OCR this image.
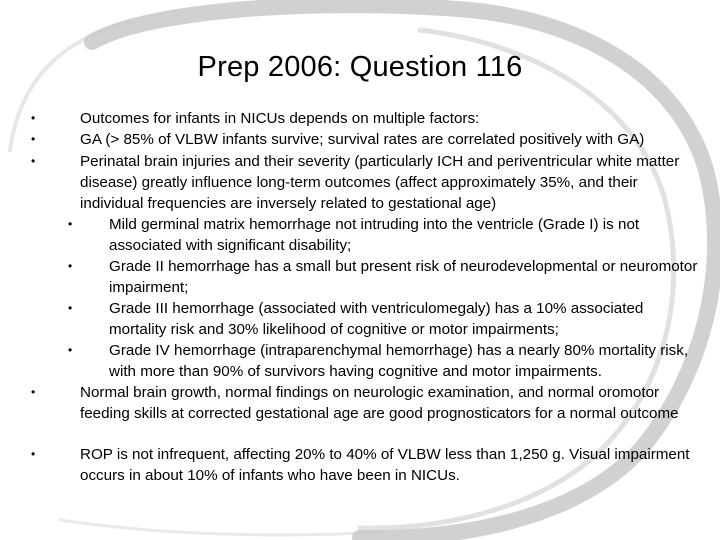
Prep 2006: Question 116
•	Outcomes for infants in NICUs depends on multiple factors:
•	GA (> 85% of VLBW infants survive; survival rates are correlated positively with GA)
•	Perinatal brain injuries and their severity (particularly ICH and periventricular white matter disease) greatly influence long-term outcomes (affect approximately 35%, and their individual frequencies are inversely related to gestational age)
• Mild germinal matrix hemorrhage not intruding into the ventricle (Grade I) is not associated with significant disability;
• Grade II hemorrhage has a small but present risk of neurodevelopmental or neuromotor impairment;
• Grade III hemorrhage (associated with ventriculomegaly) has a 10% associated mortality risk and 30% likelihood of cognitive or motor impairments;
• Grade IV hemorrhage (intraparenchymal hemorrhage) has a nearly 80% mortality risk, with more than 90% of survivors having cognitive and motor impairments.
•	Normal brain growth, normal findings on neurologic examination, and normal oromotor feeding skills at corrected gestational age are good prognosticators for a normal outcome
•	ROP is not infrequent, affecting 20% to 40% of VLBW less than 1,250 g. Visual impairment occurs in about 10% of infants who have been in NICUs.
